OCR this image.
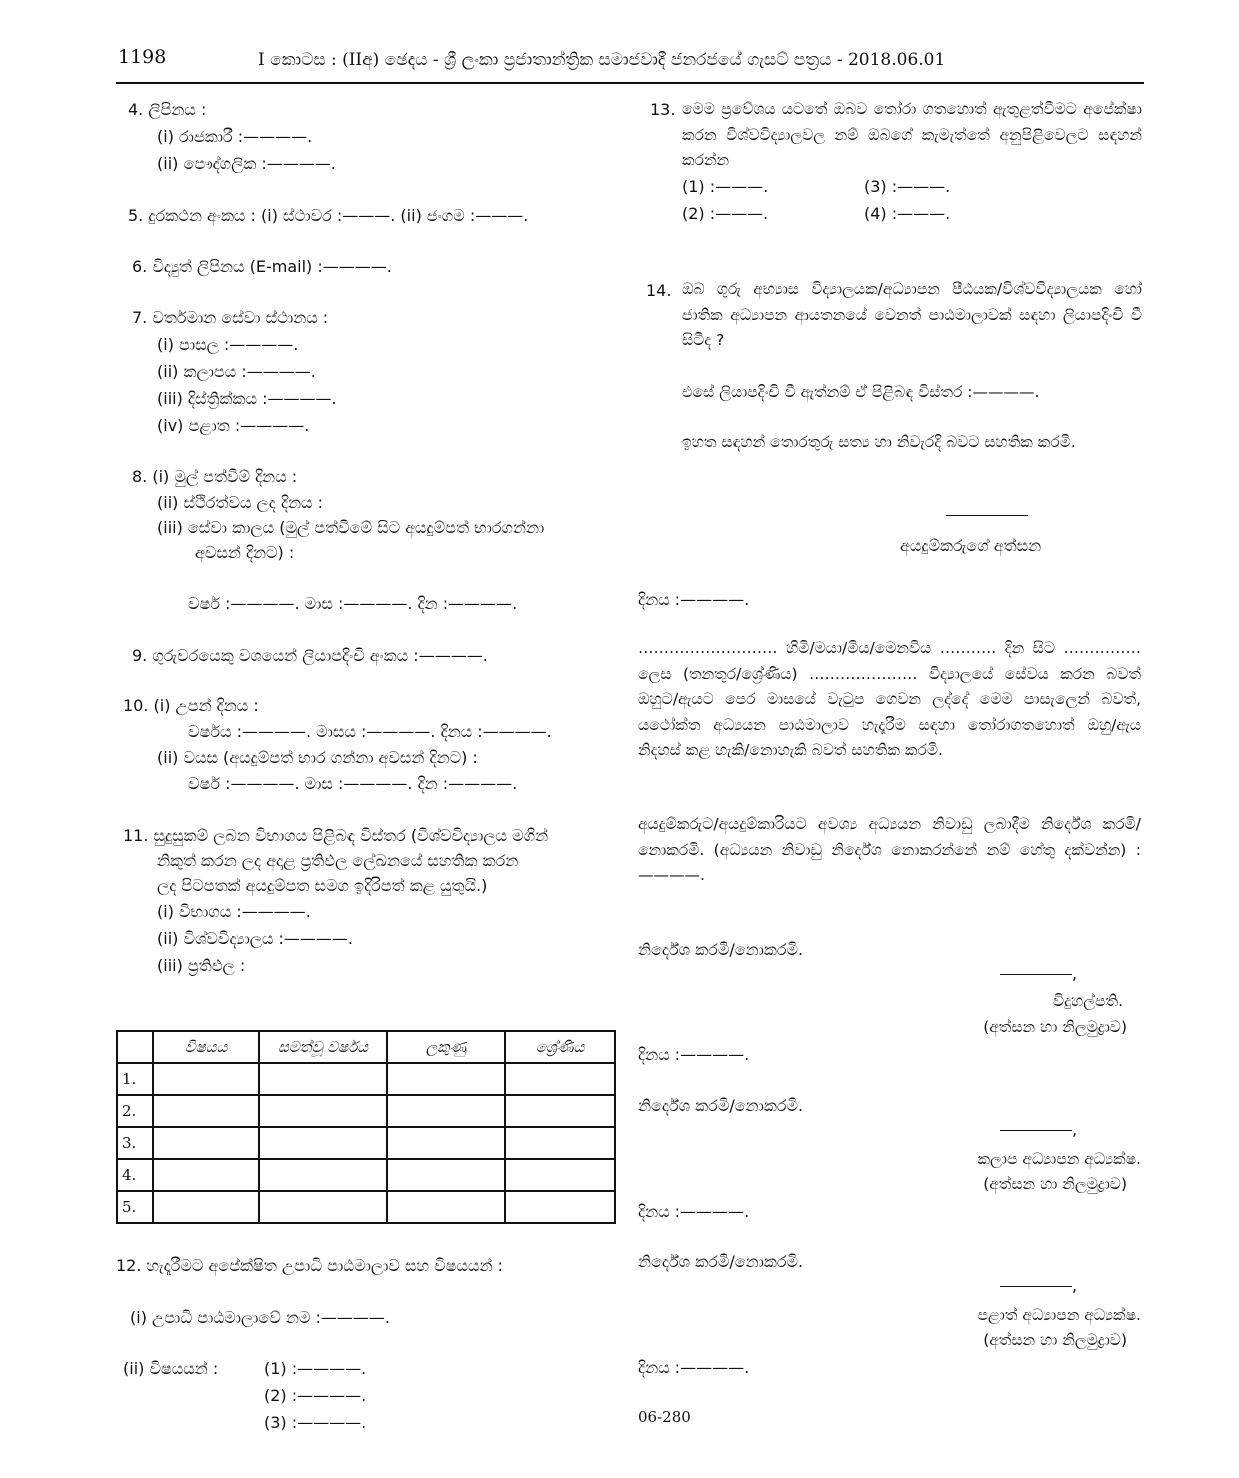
1198	I කොටස : (IIඅ) ඡෙදය - ශ්‍රී ලංකා ප්‍රජාතාන්ත්‍රික සමාජවාදී ජනරජයේ ගැසට් පත්‍රය - 2018.06.01
4. ලිපිනය :
(i) රාජකාරී :————.
(ii) පෞද්ගලික :————.
5. දුරකථන අංකය : (i) ස්ථාවර :———. (ii) ජංගම :———.
6. විද්‍යුත් ලිපිනය (E-mail) :————.
7. වර්තමාන සේවා ස්ථානය :
(i) පාසල :————.
(ii) කලාපය :————.
(iii) දිස්ත්‍රික්කය :————.
(iv) පළාත :————.
8. (i) මුල් පත්වීම් දිනය :
(ii) ස්ථිරත්වය ලද දිනය :
(iii) සේවා කාලය (මුල් පත්වීමේ සිට අයදුම්පත් භාරගන්නා
අවසන් දිනට) :
වර්ෂ :————. මාස :————. දින :————.
9. ගුරුවරයෙකු වශයෙන් ලියාපදිංචි අංකය :————.
10. (i) උපන් දිනය :
වර්ෂය :————. මාසය :————. දිනය :————.
(ii) වයස (අයදුම්පත් භාර ගන්නා අවසන් දිනට) :
වර්ෂ :————. මාස :————. දින :————.
11. සුදුසුකම් ලබන විභාගය පිළිබඳ විස්තර (විශ්වවිද්‍යාලය මගින්
නිකුත් කරන ලද අදාළ ප්‍රතිඵල ලේඛනයේ සහතික කරන
ලද පිටපතක් අයදුම්පත සමග ඉදිරිපත් කළ යුතුයි.)
(i) විභාගය :————.
(ii) විශ්වවිද්‍යාලය :————.
(iii) ප්‍රතිඵල :
	විෂයය	සමත්වූ වර්ෂය	ලකුණු	ශ්‍රේණිය
1.				
2.				
3.				
4.				
5.				
12. හැදෑරීමට අපේක්ෂිත උපාධි පාඨමාලාව සහ විෂයයන් :
(i) උපාධි පාඨමාලාවේ නම :————.
(ii) විෂයයන් :	(1) :————.
(2) :————.
(3) :————.
13. මෙම ප්‍රවේශය යටතේ ඔබව තෝරා ගතහොත් ඇතුළත්වීමට අපේක්ෂා කරන විශ්වවිද්‍යාලවල නම් ඔබගේ කැමැත්තේ අනුපිළිවෙලට සඳහන් කරන්න
(1) :———.	(3) :———.
(2) :———.	(4) :———.
14. ඔබ ගුරු අභ්‍යාස විද්‍යාලයක/අධ්‍යාපන පීඨයක/විශ්වවිද්‍යාලයක හෝ ජාතික අධ්‍යාපන ආයතනයේ වෙනත් පාඨමාලාවක් සඳහා ලියාපදිංචි වී සිටීද ?
එසේ ලියාපදිංචි වී ඇත්නම් ඒ පිළිබඳ විස්තර :————.
ඉහත සඳහන් තොරතුරු සත්‍ය හා නිවැරදි බවට සහතික කරමි.
අයදුම්කරුගේ අත්සන
දිනය :————.
……………………… හිමි/මයා/මිය/මෙනවිය ……….. දින සිට …………… ලෙස (තනතුර/ශ්‍රේණිය) ………………… විද්‍යාලයේ සේවය කරන බවත් ඔහුට/ඇයට පෙර මාසයේ වැටුප ගෙවන ලද්දේ මෙම පාසැලෙන් බවත්, යථෝක්ත අධ්‍යයන පාඨමාලාව හැදෑරීම සඳහා තෝරාගතහොත් ඔහු/ඇය නිදහස් කළ හැකි/නොහැකි බවත් සහතික කරමි.
අයදුම්කරුට/අයදුම්කාරියට අවශ්‍ය අධ්‍යයන නිවාඩු ලබාදීම නිර්දේශ කරමි/නොකරමි. (අධ්‍යයන නිවාඩු නිර්දේශ නොකරන්නේ නම් හේතු දක්වන්න) :————.
නිර්දේශ කරමි/නොකරමි.
,
විදුහල්පති.
(අත්සන හා නිලමුද්‍රාව)
දිනය :————.
නිර්දේශ කරමි/නොකරමි.
,
කලාප අධ්‍යාපන අධ්‍යක්ෂ.
(අත්සන හා නිලමුද්‍රාව)
දිනය :————.
නිර්දේශ කරමි/නොකරමි.
,
පළාත් අධ්‍යාපන අධ්‍යක්ෂ.
(අත්සන හා නිලමුද්‍රාව)
දිනය :————.
06-280
